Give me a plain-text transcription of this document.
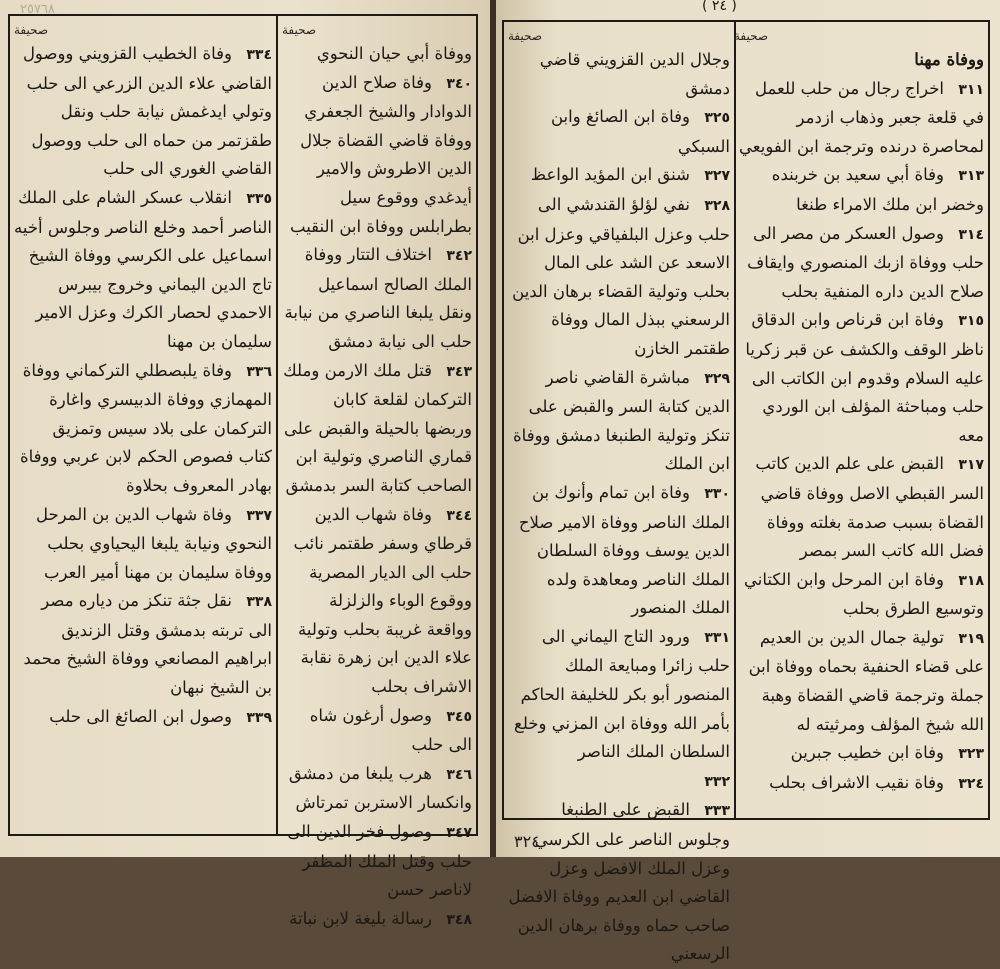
٢٥٧٦٨
صحيفة
ووفاة أبي حيان النحوي
٣٤٠وفاة صلاح الدين الدوادار والشيخ الجعفري ووفاة قاضي القضاة جلال الدين الاطروش والامير أيدغدي ووقوع سيل بطرابلس ووفاة ابن النقيب
٣٤٢اختلاف التتار ووفاة الملك الصالح اسماعيل ونقل يلبغا الناصري من نيابة حلب الى نيابة دمشق
٣٤٣قتل ملك الارمن وملك التركمان لقلعة كابان وربضها بالحيلة والقبض على قماري الناصري وتولية ابن الصاحب كتابة السر بدمشق
٣٤٤وفاة شهاب الدين قرطاي وسفر طقتمر نائب حلب الى الديار المصرية ووقوع الوباء والزلزلة وواقعة غريبة بحلب وتولية علاء الدين ابن زهرة نقابة الاشراف بحلب
٣٤٥وصول أرغون شاه الى حلب
٣٤٦هرب يلبغا من دمشق وانكسار الاستربن تمرتاش
٣٤٧وصول فخر الدين الى حلب وقتل الملك المظفر لاناصر حسن
٣٤٨رسالة بليغة لابن نباتة
صحيفة
٣٣٤وفاة الخطيب القزويني ووصول القاضي علاء الدين الزرعي الى حلب وتولي ايدغمش نيابة حلب ونقل طقزتمر من حماه الى حلب ووصول القاضي الغوري الى حلب
٣٣٥انقلاب عسكر الشام على الملك الناصر أحمد وخلع الناصر وجلوس أخيه اسماعيل على الكرسي ووفاة الشيخ تاج الدين اليماني وخروج بيبرس الاحمدي لحصار الكرك وعزل الامير سليمان بن مهنا
٣٣٦وفاة يلبصطلي التركماني ووفاة المهمازي ووفاة الدبيسري واغارة التركمان على بلاد سيس وتمزيق كتاب فصوص الحكم لابن عربي ووفاة بهادر المعروف بحلاوة
٣٣٧وفاة شهاب الدين بن المرحل النحوي ونيابة يلبغا اليحياوي بحلب ووفاة سليمان بن مهنا أمير العرب
٣٣٨نقل جثة تنكز من دياره مصر الى تربته بدمشق وقتل الزنديق ابراهيم المصانعي ووفاة الشيخ محمد بن الشيخ نبهان
٣٣٩وصول ابن الصائغ الى حلب
( ٢٤ )
صحيفة
ووفاة مهنا
٣١١اخراج رجال من حلب للعمل في قلعة جعبر وذهاب ازدمر لمحاصرة درنده وترجمة ابن الفويعي
٣١٣وفاة أبي سعيد بن خربنده وخضر ابن ملك الامراء طنغا
٣١٤وصول العسكر من مصر الى حلب ووفاة ازبك المنصوري وايقاف صلاح الدين داره المنفية بحلب
٣١٥وفاة ابن قرناص وابن الدقاق ناظر الوقف والكشف عن قبر زكريا عليه السلام وقدوم ابن الكاتب الى حلب ومباحثة المؤلف ابن الوردي معه
٣١٧القبض على علم الدين كاتب السر القبطي الاصل ووفاة قاضي القضاة بسبب صدمة بغلته ووفاة فضل الله كاتب السر بمصر
٣١٨وفاة ابن المرحل وابن الكتاني وتوسيع الطرق بحلب
٣١٩تولية جمال الدين بن العديم على قضاء الحنفية بحماه ووفاة ابن جملة وترجمة قاضي القضاة وهبة الله شيخ المؤلف ومرثيته له
٣٢٣وفاة ابن خطيب جبرين
٣٢٤وفاة نقيب الاشراف بحلب
صحيفة
وجلال الدين القزويني قاضي دمشق
٣٢٥وفاة ابن الصائغ وابن السبكي
٣٢٧شنق ابن المؤيد الواعظ
٣٢٨نفي لؤلؤ القندشي الى حلب وعزل البلفياقي وعزل ابن الاسعد عن الشد على المال بحلب وتولية القضاء برهان الدين الرسعني ببذل المال ووفاة طقتمر الخازن
٣٢٩مباشرة القاضي ناصر الدين كتابة السر والقبض على تنكز وتولية الطنبغا دمشق ووفاة ابن الملك
٣٣٠وفاة ابن تمام وأنوك بن الملك الناصر ووفاة الامير صلاح الدين يوسف ووفاة السلطان الملك الناصر ومعاهدة ولده الملك المنصور
٣٣١ورود التاج اليماني الى حلب زائرا ومبايعة الملك المنصور أبو بكر للخليفة الحاكم بأمر الله ووفاة ابن المزني وخلع السلطان الملك الناصر
٣٣٢
٣٣٣القبض على الطنبغا وجلوس الناصر على الكرسي وعزل الملك الافضل وعزل القاضي ابن العديم ووفاة الافضل صاحب حماه ووفاة برهان الدين الرسعني
٣٢٤
